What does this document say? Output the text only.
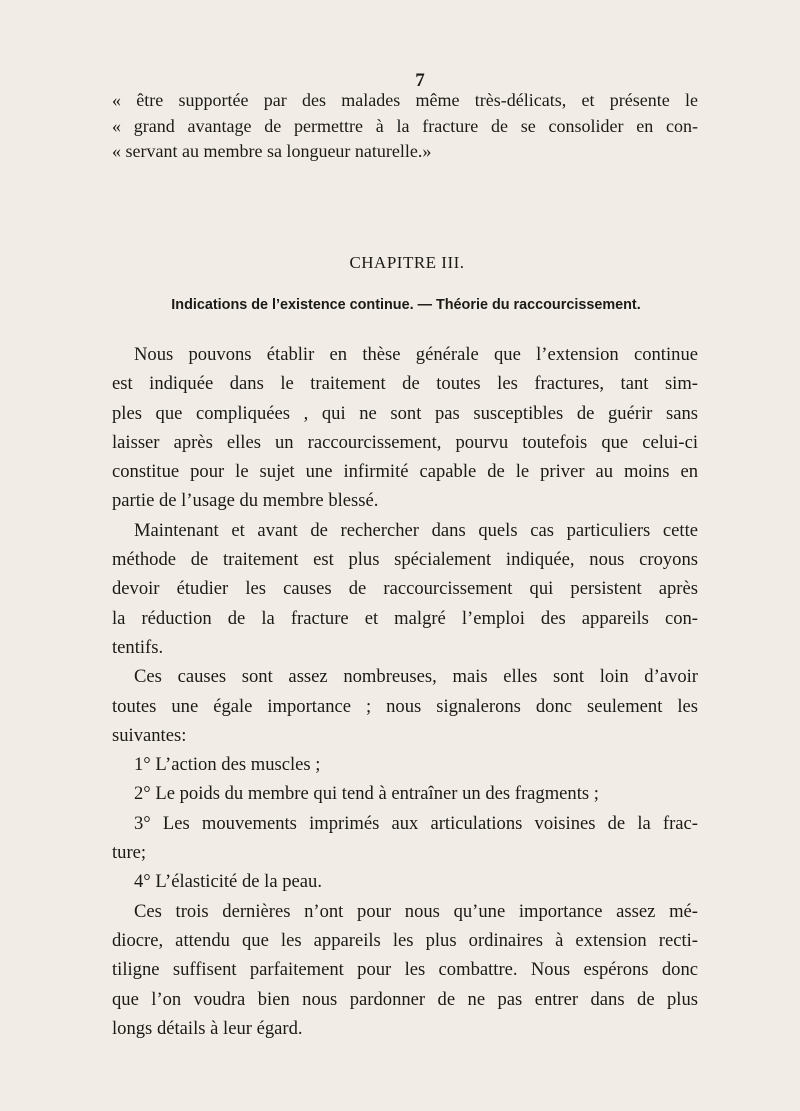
7
« être supportée par des malades même très-délicats, et présente le
« grand avantage de permettre à la fracture de se consolider en con-
« servant au membre sa longueur naturelle.»
CHAPITRE III.
Indications de l’existence continue. — Théorie du raccourcissement.
Nous pouvons établir en thèse générale que l’extension continue
est indiquée dans le traitement de toutes les fractures, tant sim-
ples que compliquées , qui ne sont pas susceptibles de guérir sans
laisser après elles un raccourcissement, pourvu toutefois que celui-ci
constitue pour le sujet une infirmité capable de le priver au moins en
partie de l’usage du membre blessé.
Maintenant et avant de rechercher dans quels cas particuliers cette
méthode de traitement est plus spécialement indiquée, nous croyons
devoir étudier les causes de raccourcissement qui persistent après
la réduction de la fracture et malgré l’emploi des appareils con-
tentifs.
Ces causes sont assez nombreuses, mais elles sont loin d’avoir
toutes une égale importance ; nous signalerons donc seulement les
suivantes:
1° L’action des muscles ;
2° Le poids du membre qui tend à entraîner un des fragments ;
3° Les mouvements imprimés aux articulations voisines de la frac-
ture;
4° L’élasticité de la peau.
Ces trois dernières n’ont pour nous qu’une importance assez mé-
diocre, attendu que les appareils les plus ordinaires à extension recti-
tiligne suffisent parfaitement pour les combattre. Nous espérons donc
que l’on voudra bien nous pardonner de ne pas entrer dans de plus
longs détails à leur égard.
